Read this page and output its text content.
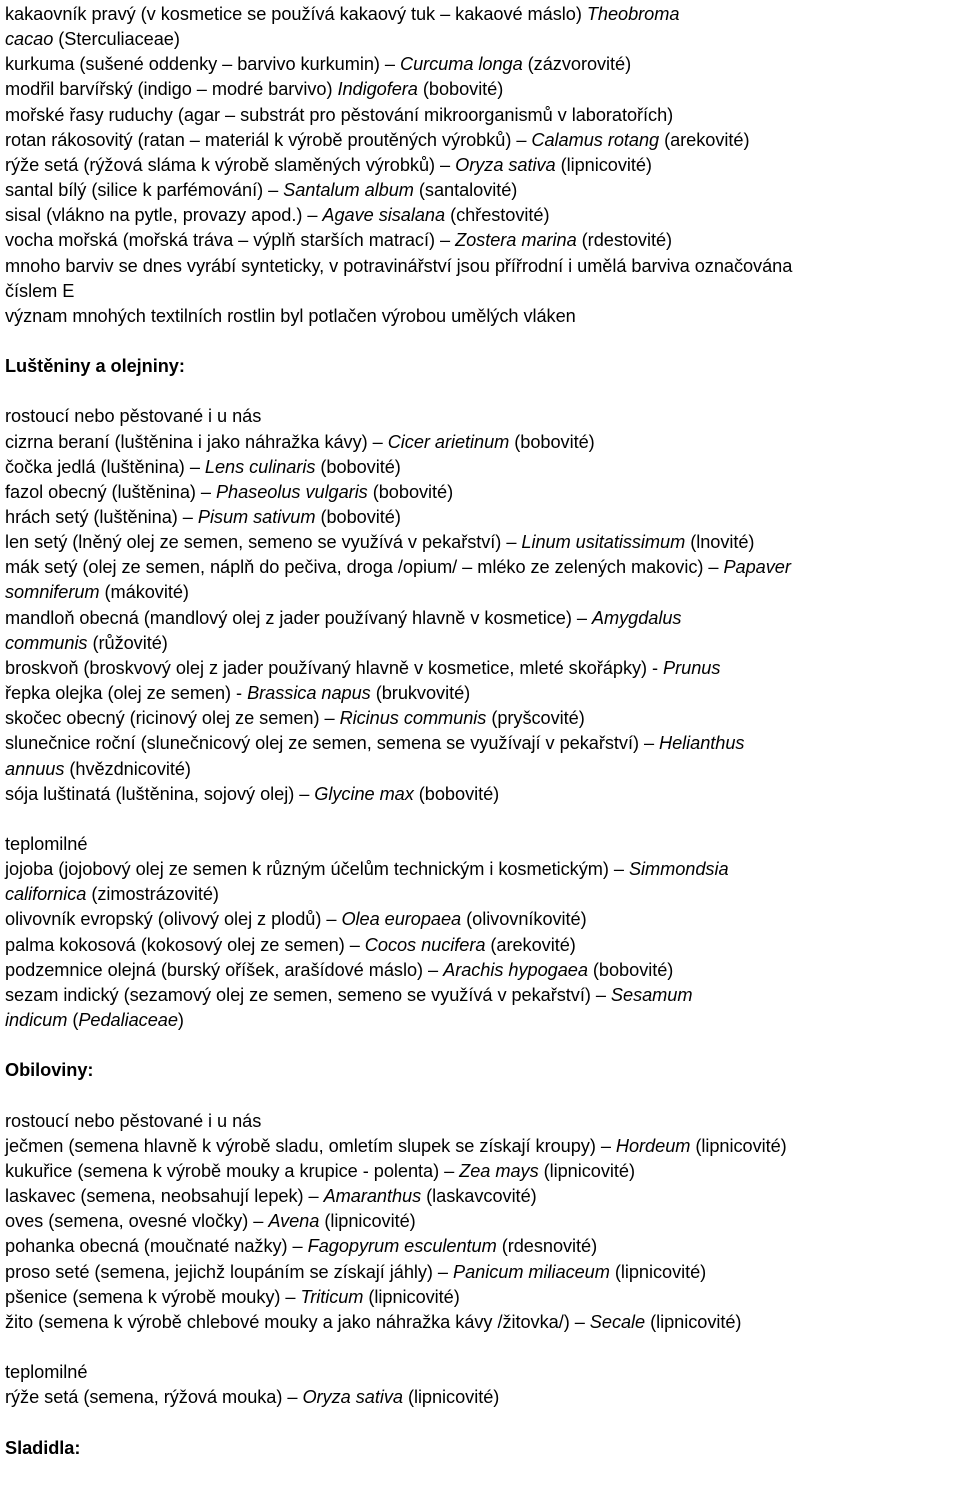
kakaovník pravý (v kosmetice se používá kakaový tuk – kakaové máslo) Theobroma
cacao (Sterculiaceae)
kurkuma (sušené oddenky – barvivo kurkumin) – Curcuma longa (zázvorovité)
modřil barvířský (indigo – modré barvivo) Indigofera (bobovité)
mořské řasy ruduchy (agar – substrát pro pěstování mikroorganismů v laboratořích)
rotan rákosovitý (ratan – materiál k výrobě proutěných výrobků) – Calamus rotang (arekovité)
rýže setá (rýžová sláma k výrobě slaměných výrobků) – Oryza sativa (lipnicovité)
santal bílý (silice k parfémování) – Santalum album (santalovité)
sisal (vlákno na pytle, provazy apod.) – Agave sisalana (chřestovité)
vocha mořská (mořská tráva – výplň starších matrací) – Zostera marina (rdestovité)
mnoho barviv se dnes vyrábí synteticky, v potravinářství jsou přířrodní i umělá barviva označována
číslem E
význam mnohých textilních rostlin byl potlačen výrobou umělých vláken
Luštěniny a olejniny:
rostoucí nebo pěstované i u nás
cizrna beraní (luštěnina i jako náhražka kávy) – Cicer arietinum (bobovité)
čočka jedlá (luštěnina) – Lens culinaris (bobovité)
fazol obecný (luštěnina) – Phaseolus vulgaris (bobovité)
hrách setý (luštěnina) – Pisum sativum (bobovité)
len setý (lněný olej ze semen, semeno se využívá v pekařství) – Linum usitatissimum (lnovité)
mák setý (olej ze semen, náplň do pečiva, droga /opium/ – mléko ze zelených makovic) – Papaver
somniferum (mákovité)
mandloň obecná (mandlový olej z jader používaný hlavně v kosmetice) – Amygdalus
communis (růžovité)
broskvoň (broskvový olej z jader používaný hlavně v kosmetice, mleté skořápky) - Prunus
řepka olejka (olej ze semen) - Brassica napus (brukvovité)
skočec obecný (ricinový olej ze semen) – Ricinus communis (pryšcovité)
slunečnice roční (slunečnicový olej ze semen, semena se využívají v pekařství) – Helianthus
annuus (hvězdnicovité)
sója luštinatá (luštěnina, sojový olej) – Glycine max (bobovité)
teplomilné
jojoba (jojobový olej ze semen k různým účelům technickým i kosmetickým) – Simmondsia
californica (zimostrázovité)
olivovník evropský (olivový olej z plodů) – Olea europaea (olivovníkovité)
palma kokosová (kokosový olej ze semen) – Cocos nucifera (arekovité)
podzemnice olejná (burský oříšek, arašídové máslo) – Arachis hypogaea (bobovité)
sezam indický (sezamový olej ze semen, semeno se využívá v pekařství) – Sesamum
indicum (Pedaliaceae)
Obiloviny:
rostoucí nebo pěstované i u nás
ječmen (semena hlavně k výrobě sladu, omletím slupek se získají kroupy) – Hordeum (lipnicovité)
kukuřice (semena k výrobě mouky a krupice - polenta) – Zea mays (lipnicovité)
laskavec (semena, neobsahují lepek) – Amaranthus (laskavcovité)
oves (semena, ovesné vločky) – Avena (lipnicovité)
pohanka obecná (moučnaté nažky) – Fagopyrum esculentum (rdesnovité)
proso seté (semena, jejichž loupáním se získají jáhly) – Panicum miliaceum (lipnicovité)
pšenice (semena k výrobě mouky) – Triticum (lipnicovité)
žito (semena k výrobě chlebové mouky a jako náhražka kávy /žitovka/) – Secale (lipnicovité)
teplomilné
rýže setá (semena, rýžová mouka) – Oryza sativa (lipnicovité)
Sladidla:
